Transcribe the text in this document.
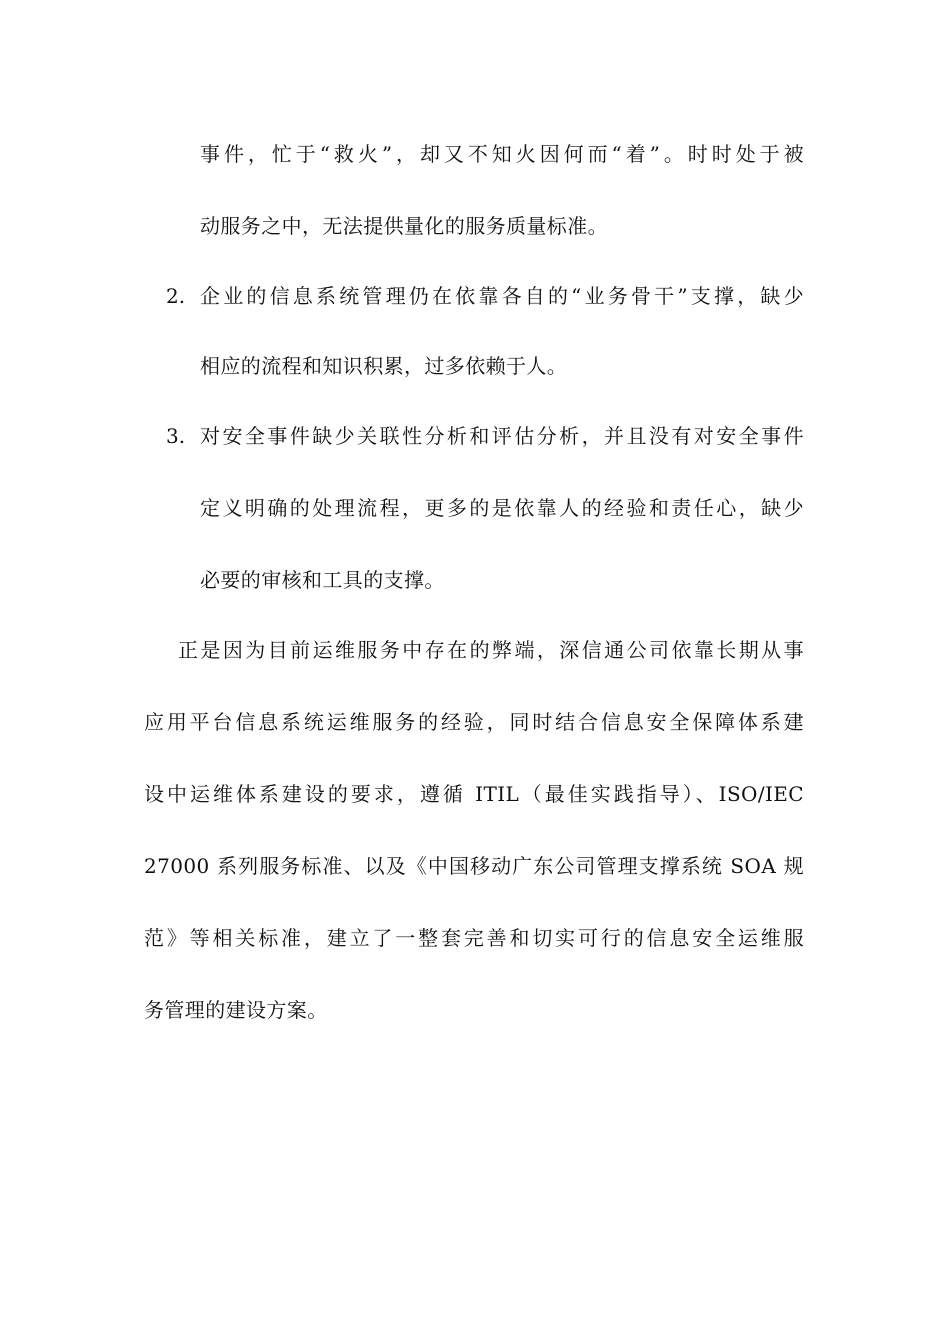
事件，忙于“救火”，却又不知火因何而“着”。时时处于被
动服务之中，无法提供量化的服务质量标准。
2. 企业的信息系统管理仍在依靠各自的“业务骨干”支撑，缺少
相应的流程和知识积累，过多依赖于人。
3. 对安全事件缺少关联性分析和评估分析，并且没有对安全事件
定义明确的处理流程，更多的是依靠人的经验和责任心，缺少
必要的审核和工具的支撑。
正是因为目前运维服务中存在的弊端，深信通公司依靠长期从事
应用平台信息系统运维服务的经验，同时结合信息安全保障体系建
设中运维体系建设的要求，遵循 ITIL（最佳实践指导）、ISO/IEC
27000 系列服务标准、以及《中国移动广东公司管理支撑系统 SOA 规
范》等相关标准，建立了一整套完善和切实可行的信息安全运维服
务管理的建设方案。
